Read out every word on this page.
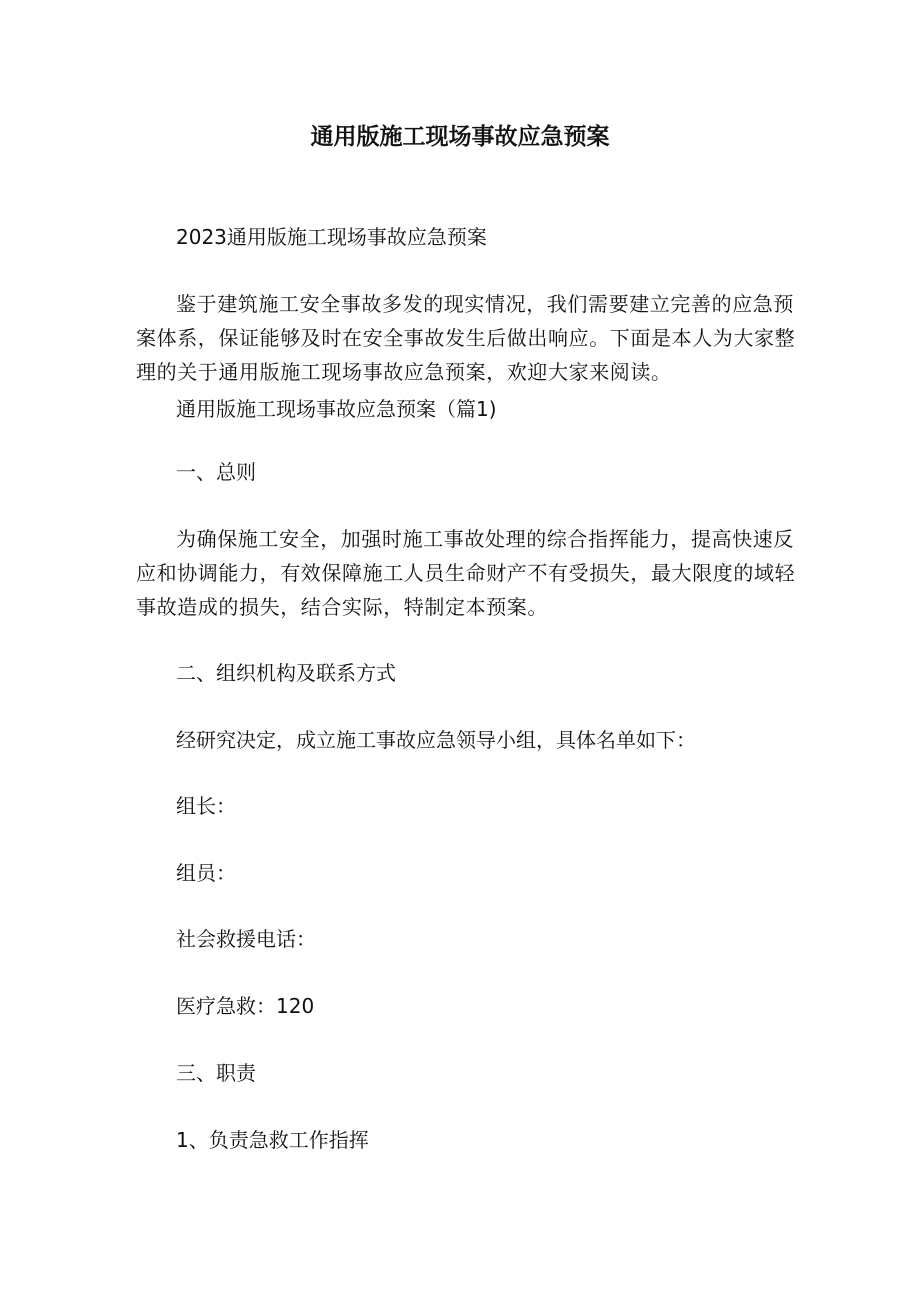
通用版施工现场事故应急预案
2023通用版施工现场事故应急预案
鉴于建筑施工安全事故多发的现实情况，我们需要建立完善的应急预案体系，保证能够及时在安全事故发生后做出响应。下面是本人为大家整理的关于通用版施工现场事故应急预案，欢迎大家来阅读。
通用版施工现场事故应急预案（篇1)
一、总则
为确保施工安全，加强时施工事故处理的综合指挥能力，提高快速反应和协调能力，有效保障施工人员生命财产不有受损失，最大限度的域轻事故造成的损失，结合实际，特制定本预案。
二、组织机构及联系方式
经研究决定，成立施工事故应急领导小组，具体名单如下：
组长：
组员：
社会救援电话：
医疗急救：120
三、职责
1、负责急救工作指挥
